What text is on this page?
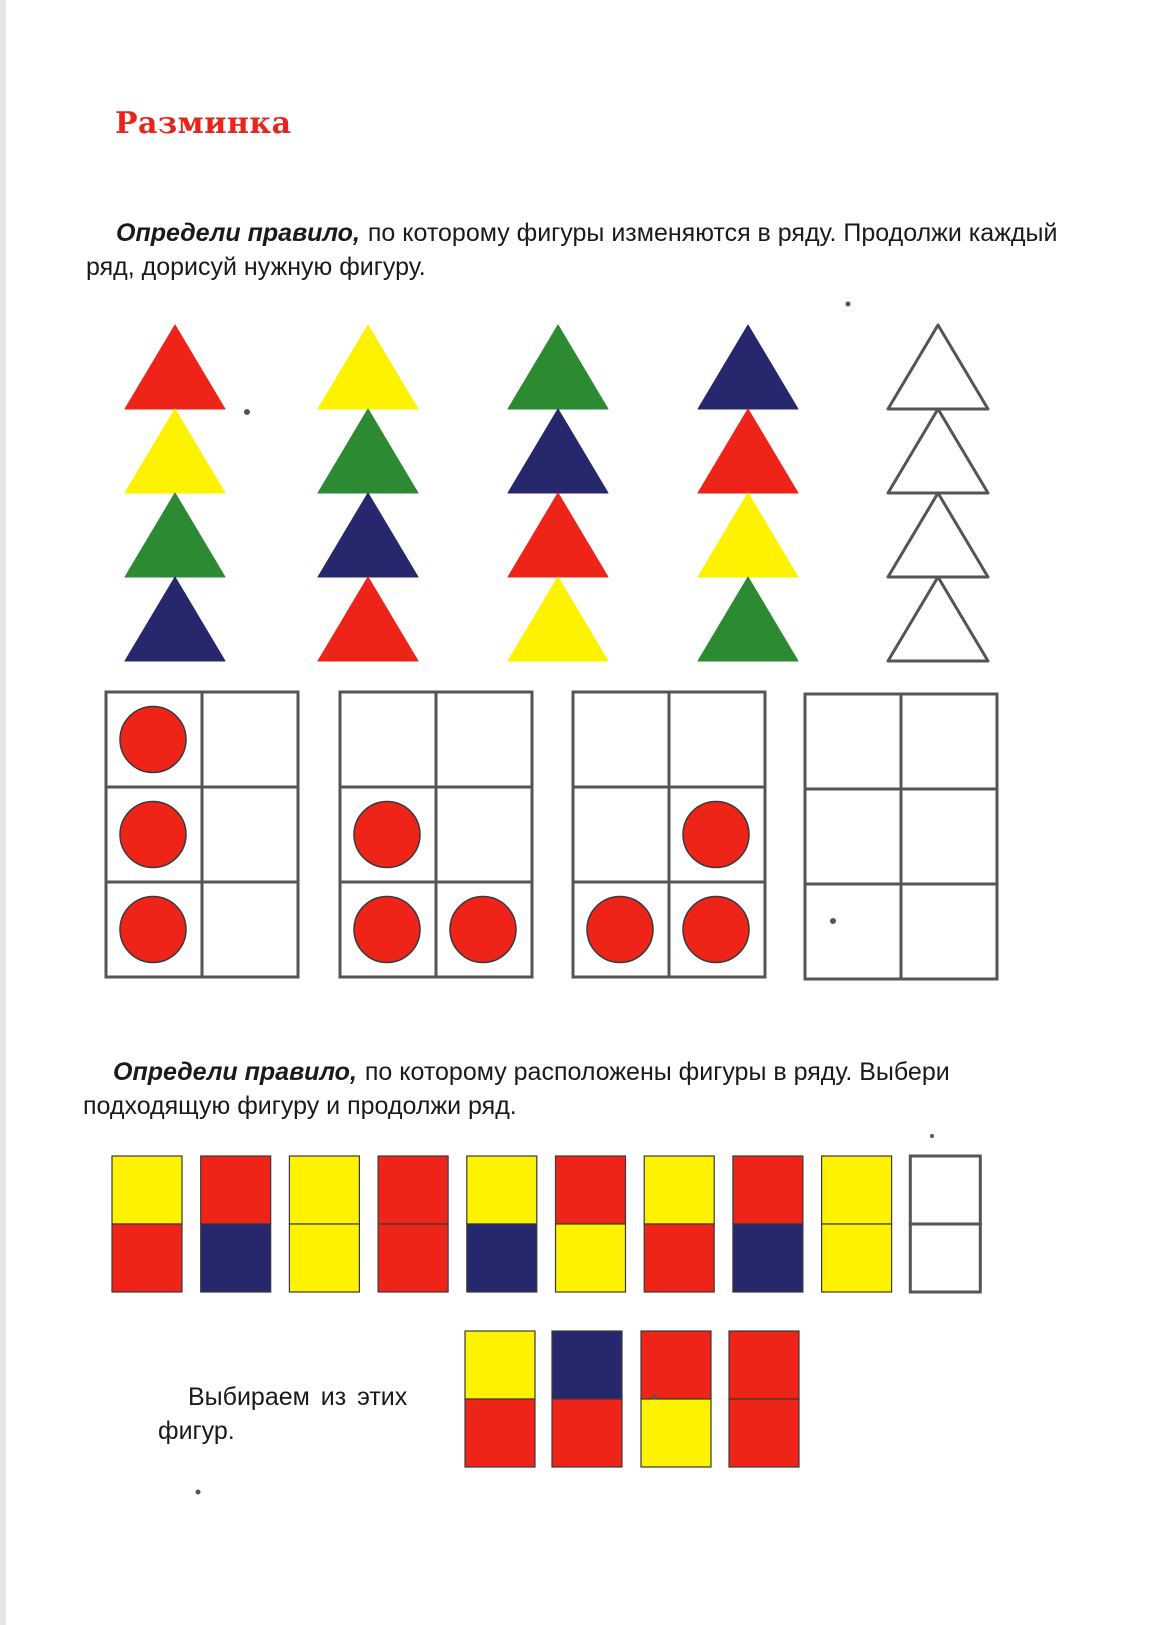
Разминка

Определи правило, по которому фигуры изменяются в ряду. Продолжи каждый ряд, дорисуй нужную фигуру.

Определи правило, по которому расположены фигуры в ряду. Выбери подходящую фигуру и продолжи ряд.

Выбираем из этих фигур.
